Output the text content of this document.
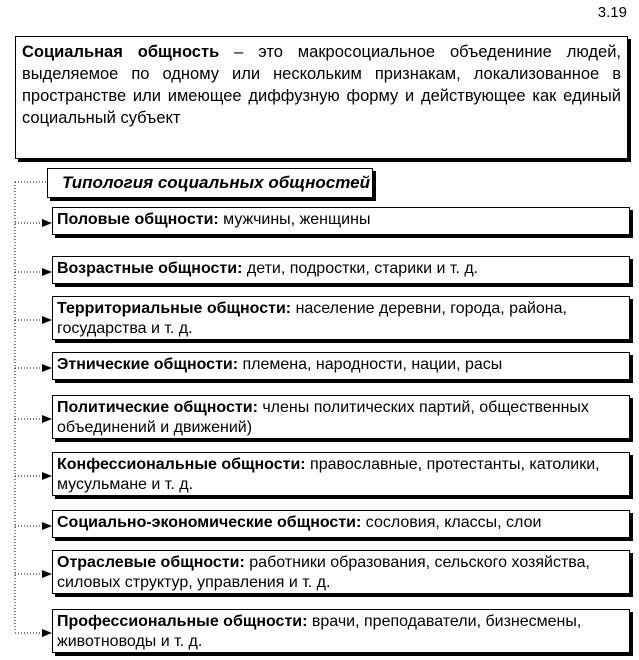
3.19
Социальная общность – это макросоциальное объедениние людей, выделяемое по одному или нескольким признакам, локализованное в пространстве или имеющее диффузную форму и действующее как единый социальный субъект
Типология социальных общностей
Половые общности: мужчины, женщины
Возрастные общности: дети, подростки, старики и т. д.
Территориальные общности: население деревни, города, района, государства и т. д.
Этнические общности: племена, народности, нации, расы
Политические общности: члены политических партий, общественных объединений и движений)
Конфессиональные общности: православные, протестанты, католики, мусульмане и т. д.
Социально-экономические общности: сословия, классы, слои
Отраслевые общности: работники образования, сельского хозяйства, силовых структур, управления и т. д.
Профессиональные общности: врачи, преподаватели, бизнесмены, животноводы и т. д.
